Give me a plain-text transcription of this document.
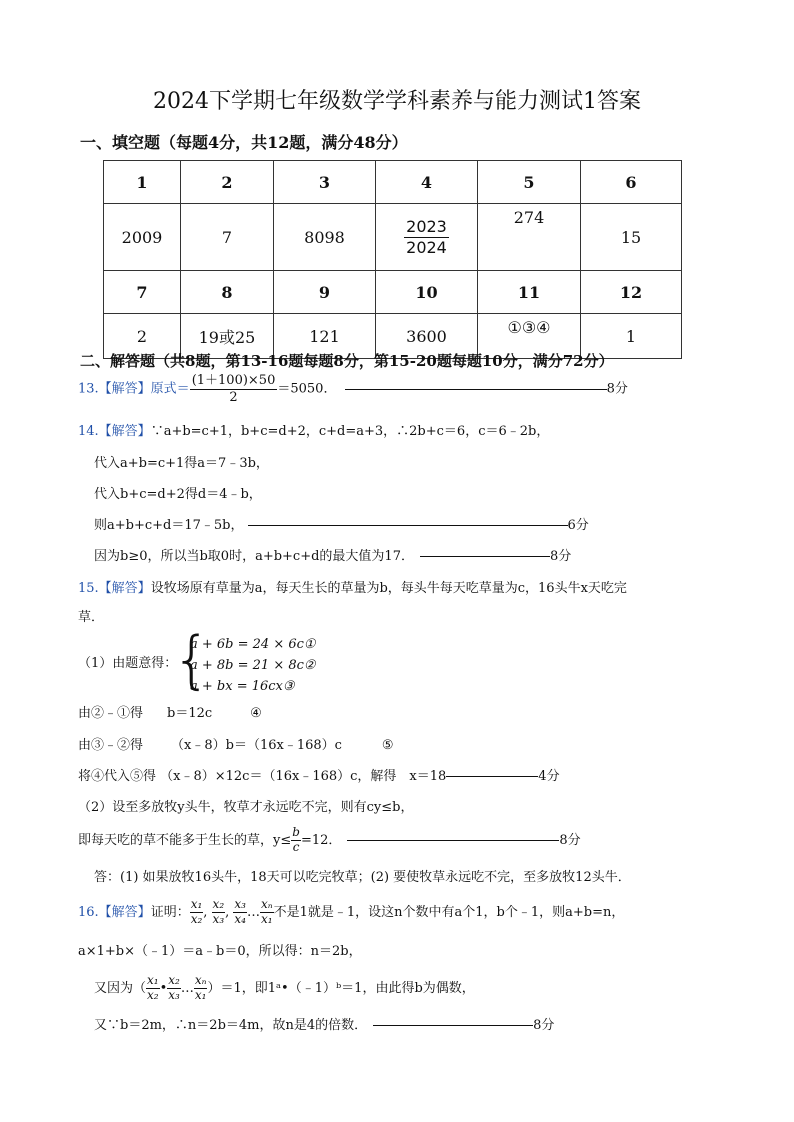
2024下学期七年级数学学科素养与能力测试1答案
一、填空题（每题4分，共12题，满分48分）
1	2	3	4	5	6
2009	7	8098	$\frac{2023}{2024}$	274	15
7	8	9	10	11	12
2	19或25	121	3600	①③④	1
二、解答题（共8题，第13-16题每题8分，第15-20题每题10分，满分72分）
13.【解答】原式＝ $\frac{(1+100)\times 50}{2} =5050$．	8分
14.【解答】∵a+b=c+1，b+c=d+2，c+d=a+3，∴2b+c＝6，c＝6﹣2b，
代入a+b=c+1得a＝7﹣3b，
代入b+c=d+2得d＝4﹣b，
则a+b+c+d＝17﹣5b，	6分
因为b≥0，所以当b取0时，a+b+c+d的最大值为17．	8分
15.【解答】设牧场原有草量为a，每天生长的草量为b，每头牛每天吃草量为c，16头牛x天吃完
草．
（1）由题意得：
{
a + 6b = 24 × 6c①
a + 8b = 21 × 8c②
a + bx = 16cx③
由②﹣①得 b＝12c	④
由③﹣②得 （x﹣8）b＝（16x﹣168）c	⑤
将④代入⑤得 （x﹣8）×12c＝（16x﹣168）c，解得　x＝18	4分
（2）设至多放牧y头牛，牧草才永远吃不完，则有cy≤b，
即每天吃的草不能多于生长的草，$y\le \frac{b}{c} =12$．	8分
答：(1) 如果放牧16头牛，18天可以吃完牧草；(2) 要使牧草永远吃不完，至多放牧12头牛．
16.【解答】证明： $\frac{\text{x₁}}{\text{x₂}}$ , $\frac{\text{x₂}}{\text{x₃}}$ , $\frac{\text{x₃}}{\text{x₄}}$ … $\frac{\text{xₙ}}{\text{x₁}}$ 不是1就是﹣1，设这n个数中有a个1，b个﹣1，则a+b=n，
a×1+b×（﹣1）＝a﹣b＝0，所以得：n＝2b，
又因为（ $\frac{\text{x₁}}{\text{x₂}}$ • $\frac{\text{x₂}}{\text{x₃}}$ … $\frac{\text{xₙ}}{\text{x₁}} )=1$，即1ᵃ•（﹣1）ᵇ＝1，由此得b为偶数，
又∵b＝2m，∴n＝2b＝4m，故n是4的倍数．	8分
